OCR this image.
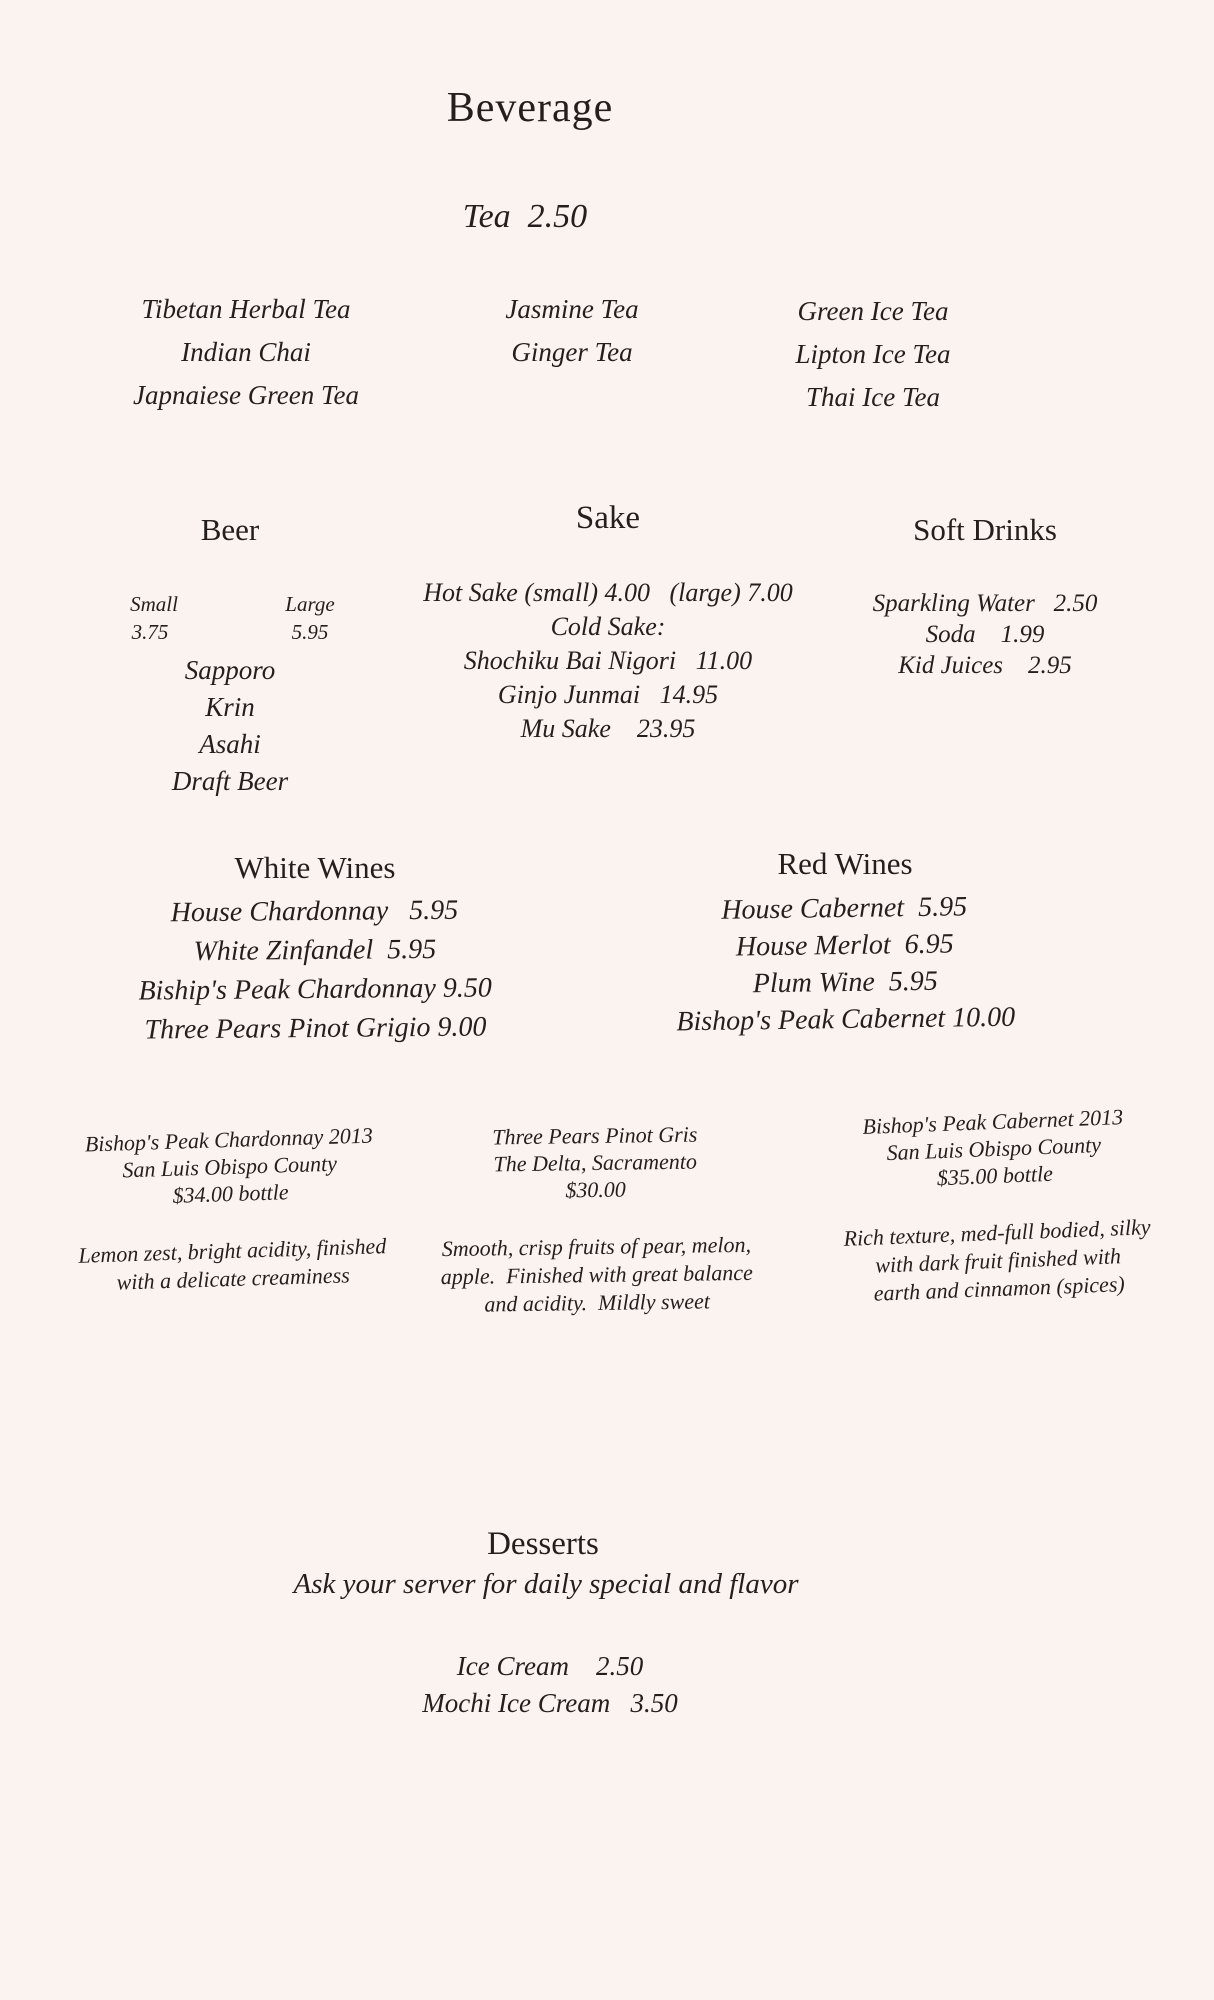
Beverage
Tea  2.50
Tibetan Herbal Tea
Indian Chai
Japnaiese Green Tea
Jasmine Tea
Ginger Tea
Green Ice Tea
Lipton Ice Tea
Thai Ice Tea
Beer
Small	Large
3.75	5.95
Sapporo
Krin
Asahi
Draft Beer
Sake
Hot Sake (small) 4.00   (large) 7.00
Cold Sake:
Shochiku Bai Nigori   11.00
Ginjo Junmai   14.95
Mu Sake    23.95
Soft Drinks
Sparkling Water   2.50
Soda    1.99
Kid Juices    2.95
White Wines
House Chardonnay   5.95
White Zinfandel  5.95
Biship's Peak Chardonnay 9.50
Three Pears Pinot Grigio 9.00
Red Wines
House Cabernet  5.95
House Merlot  6.95
Plum Wine  5.95
Bishop's Peak Cabernet 10.00
Bishop's Peak Chardonnay 2013
San Luis Obispo County
$34.00 bottle
Lemon zest, bright acidity, finished
with a delicate creaminess
Three Pears Pinot Gris
The Delta, Sacramento
$30.00
Smooth, crisp fruits of pear, melon,
apple.  Finished with great balance
and acidity.  Mildly sweet
Bishop's Peak Cabernet 2013
San Luis Obispo County
$35.00 bottle
Rich texture, med-full bodied, silky
with dark fruit finished with
earth and cinnamon (spices)
Desserts
Ask your server for daily special and flavor
Ice Cream    2.50
Mochi Ice Cream   3.50
